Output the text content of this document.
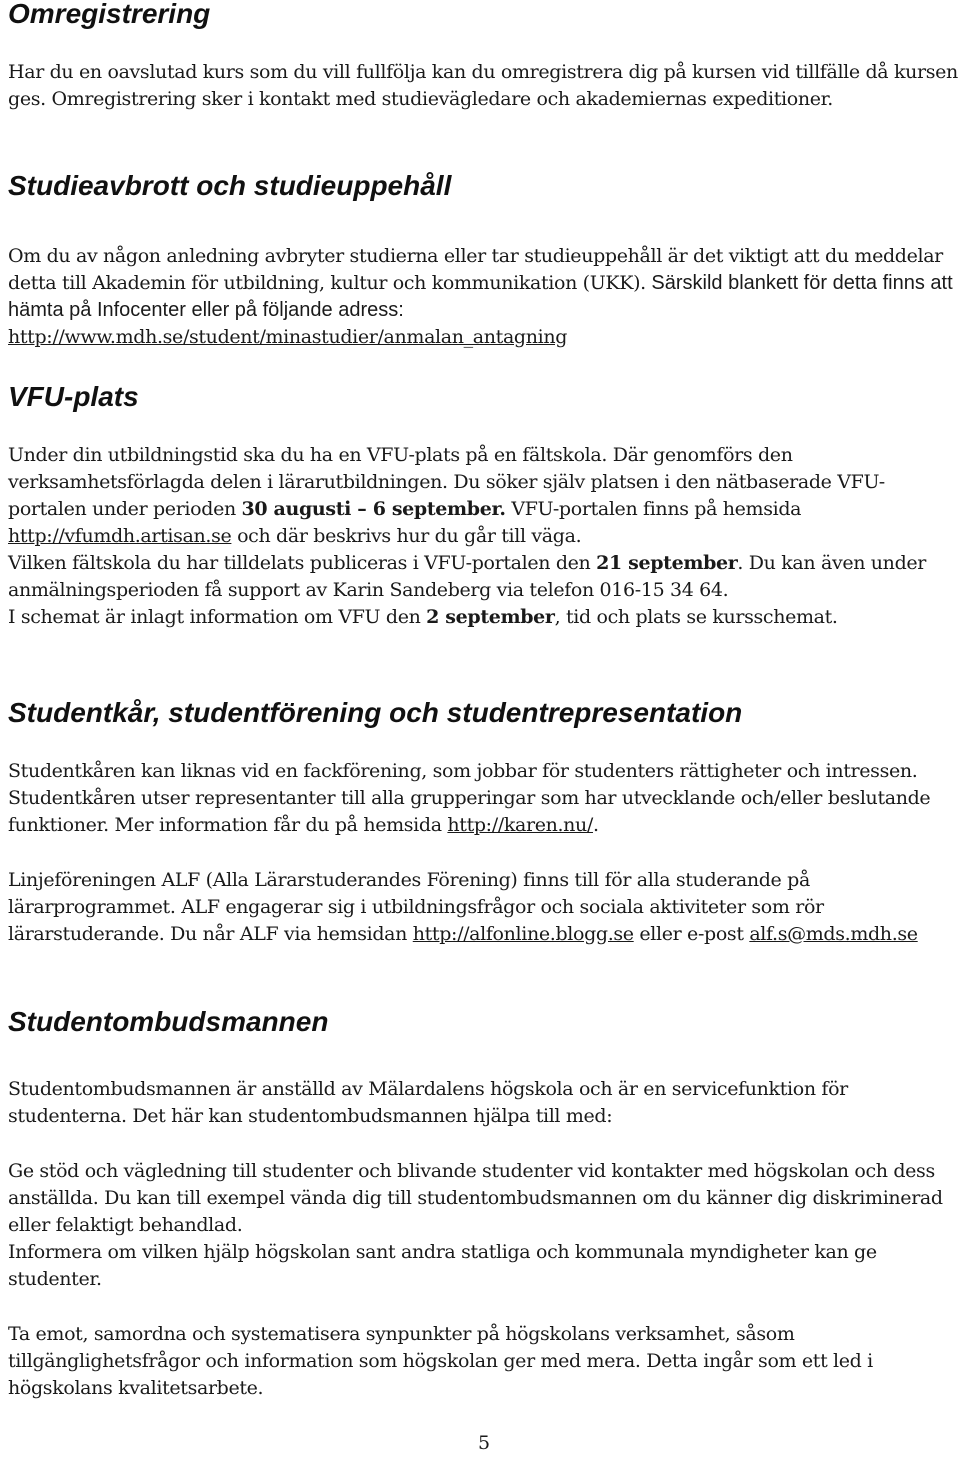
Omregistrering

Har du en oavslutad kurs som du vill fullfölja kan du omregistrera dig på kursen vid tillfälle då kursen ges. Omregistrering sker i kontakt med studievägledare och akademiernas expeditioner.

Studieavbrott och studieuppehåll

Om du av någon anledning avbryter studierna eller tar studieuppehåll är det viktigt att du meddelar detta till Akademin för utbildning, kultur och kommunikation (UKK). Särskild blankett för detta finns att hämta på Infocenter eller på följande adress: http://www.mdh.se/student/minastudier/anmalan_antagning

VFU-plats

Under din utbildningstid ska du ha en VFU-plats på en fältskola. Där genomförs den verksamhetsförlagda delen i lärarutbildningen. Du söker själv platsen i den nätbaserade VFU-portalen under perioden 30 augusti – 6 september. VFU-portalen finns på hemsida http://vfumdh.artisan.se och där beskrivs hur du går till väga.
Vilken fältskola du har tilldelats publiceras i VFU-portalen den 21 september. Du kan även under anmälningsperioden få support av Karin Sandeberg via telefon 016-15 34 64.
I schemat är inlagt information om VFU den 2 september, tid och plats se kursschemat.

Studentkår, studentförening och studentrepresentation

Studentkåren kan liknas vid en fackförening, som jobbar för studenters rättigheter och intressen. Studentkåren utser representanter till alla grupperingar som har utvecklande och/eller beslutande funktioner. Mer information får du på hemsida http://karen.nu/.

Linjeföreningen ALF (Alla Lärarstuderandes Förening) finns till för alla studerande på lärarprogrammet. ALF engagerar sig i utbildningsfrågor och sociala aktiviteter som rör lärarstuderande. Du når ALF via hemsidan http://alfonline.blogg.se eller e-post alf.s@mds.mdh.se

Studentombudsmannen

Studentombudsmannen är anställd av Mälardalens högskola och är en servicefunktion för studenterna. Det här kan studentombudsmannen hjälpa till med:

Ge stöd och vägledning till studenter och blivande studenter vid kontakter med högskolan och dess anställda. Du kan till exempel vända dig till studentombudsmannen om du känner dig diskriminerad eller felaktigt behandlad.

Informera om vilken hjälp högskolan sant andra statliga och kommunala myndigheter kan ge studenter.

Ta emot, samordna och systematisera synpunkter på högskolans verksamhet, såsom tillgänglighetsfrågor och information som högskolan ger med mera. Detta ingår som ett led i högskolans kvalitetsarbete.

5
